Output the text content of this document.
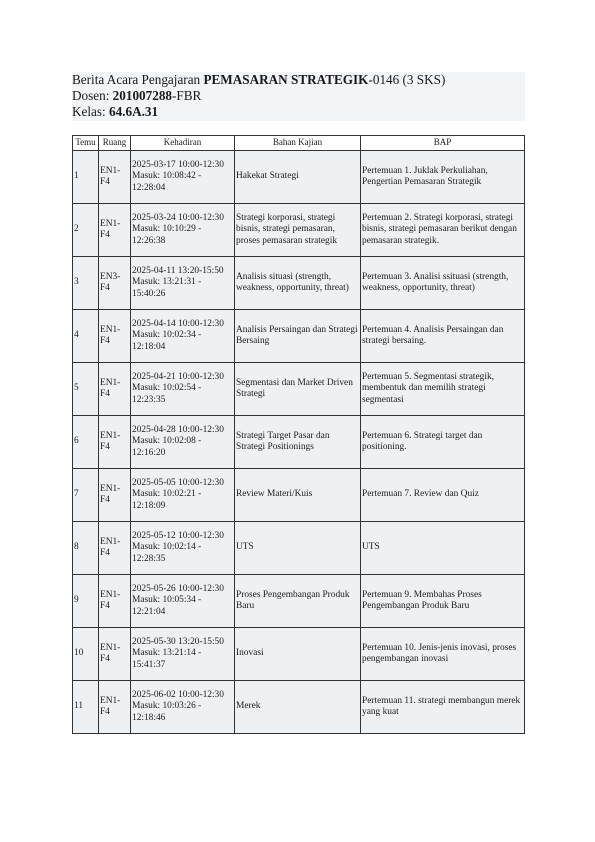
Berita Acara Pengajaran PEMASARAN STRATEGIK-0146 (3 SKS)
Dosen: 201007288-FBR
Kelas: 64.6A.31
Temu	Ruang	Kehadiran	Bahan Kajian	BAP
1	EN1-F4	2025-03-17 10:00-12:30
Masuk: 10:08:42 - 12:28:04	Hakekat Strategi	Pertemuan 1. Juklak Perkuliahan, Pengertian Pemasaran Strategik
2	EN1-F4	2025-03-24 10:00-12:30
Masuk: 10:10:29 - 12:26:38	Strategi korporasi, strategi bisnis, strategi pemasaran, proses pemasaran strategik	Pertemuan 2. Strategi korporasi, strategi bisnis, strategi pemasaran berikut dengan pemasaran strategik.
3	EN3-F4	2025-04-11 13:20-15:50
Masuk: 13:21:31 - 15:40:26	Analisis situasi (strength, weakness, opportunity, threat)	Pertemuan 3. Analisi ssituasi (strength, weakness, opportunity, threat)
4	EN1-F4	2025-04-14 10:00-12:30
Masuk: 10:02:34 - 12:18:04	Analisis Persaingan dan Strategi Bersaing	Pertemuan 4. Analisis Persaingan dan strategi bersaing.
5	EN1-F4	2025-04-21 10:00-12:30
Masuk: 10:02:54 - 12:23:35	Segmentasi dan Market Driven Strategi	Pertemuan 5. Segmentasi strategik, membentuk dan memilih strategi segmentasi
6	EN1-F4	2025-04-28 10:00-12:30
Masuk: 10:02:08 - 12:16:20	Strategi Target Pasar dan Strategi Positionings	Pertemuan 6. Strategi target dan positioning.
7	EN1-F4	2025-05-05 10:00-12:30
Masuk: 10:02:21 - 12:18:09	Review Materi/Kuis	Pertemuan 7. Review dan Quiz
8	EN1-F4	2025-05-12 10:00-12:30
Masuk: 10:02:14 - 12:28:35	UTS	UTS
9	EN1-F4	2025-05-26 10:00-12:30
Masuk: 10:05:34 - 12:21:04	Proses Pengembangan Produk Baru	Pertemuan 9. Membahas Proses Pengembangan Produk Baru
10	EN1-F4	2025-05-30 13:20-15:50
Masuk: 13:21:14 - 15:41:37	Inovasi	Pertemuan 10. Jenis-jenis inovasi, proses pengembangan inovasi
11	EN1-F4	2025-06-02 10:00-12:30
Masuk: 10:03:26 - 12:18:46	Merek	Pertemuan 11. strategi membangun merek yang kuat
